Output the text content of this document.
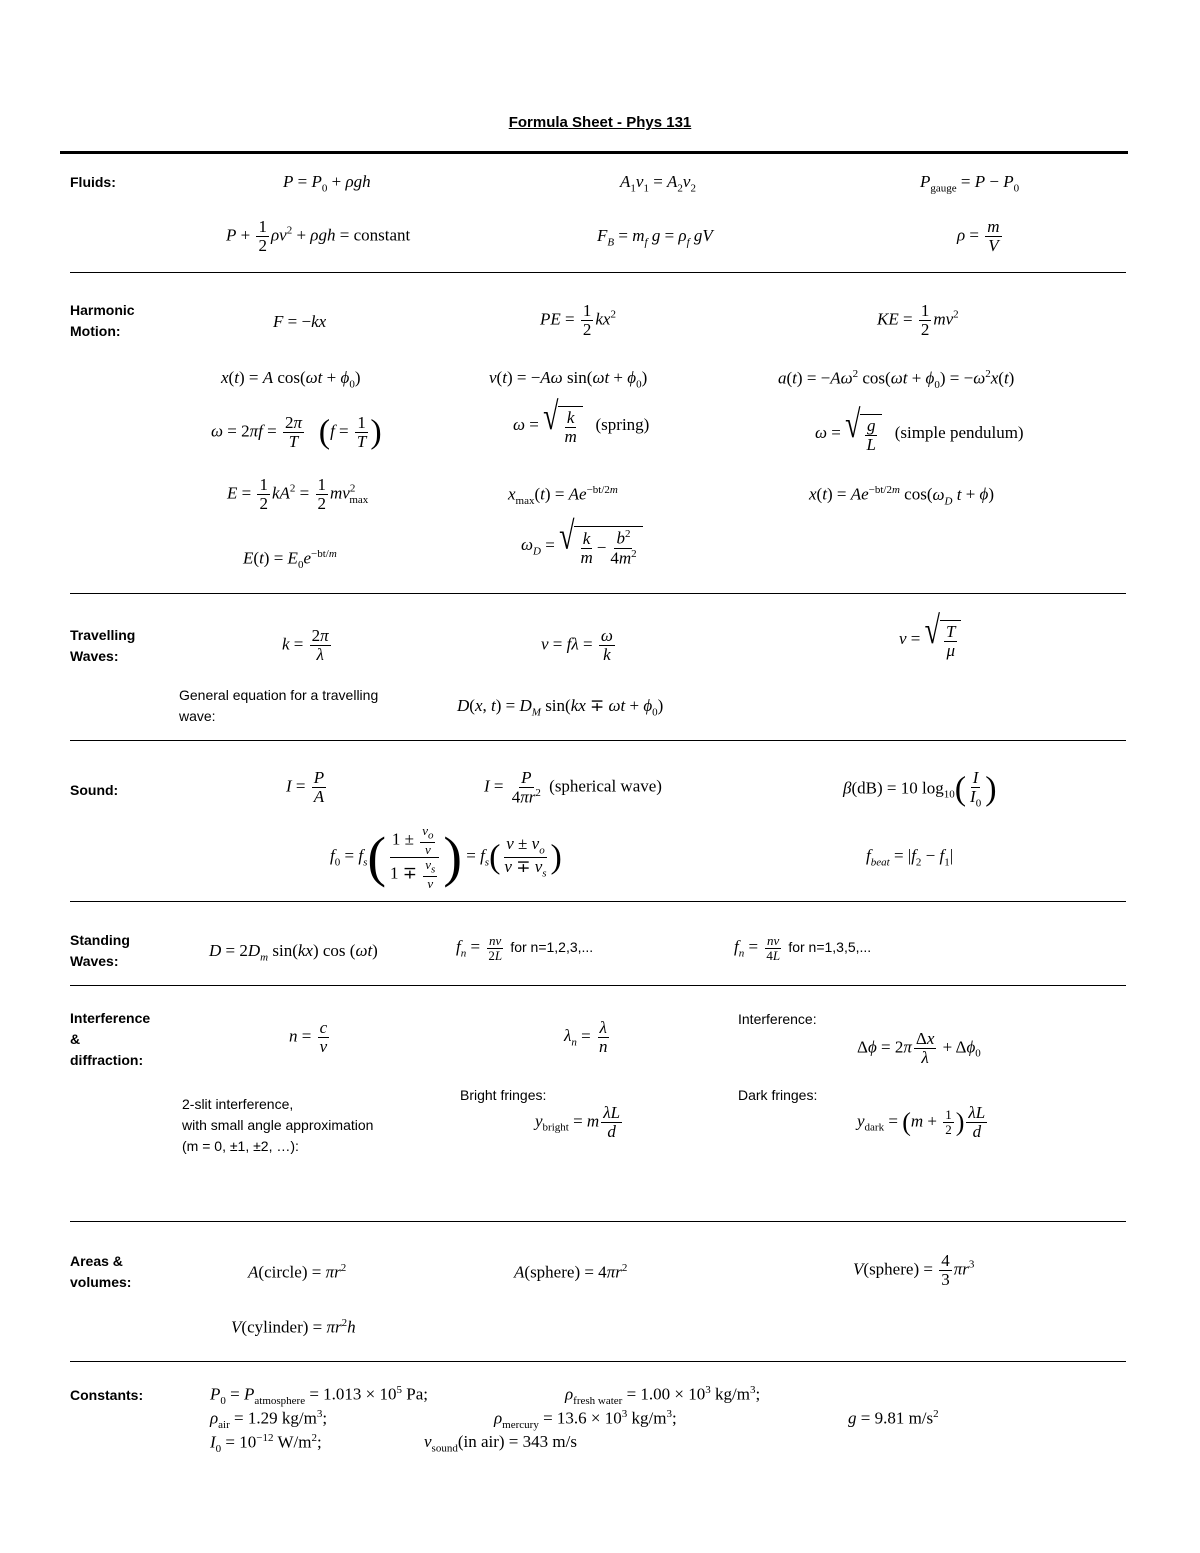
Formula Sheet - Phys 131
Fluids:	$P = P_0 + \rho gh$	$A_1v_1 = A_2v_2$	$P_{gauge} = P - P_0$
$P + \frac{1}{2} \rho v^2 + \rho gh$ = constant	$F_B = m_f$ $g = \rho_f$ gV	$\rho = \frac{m}{V}$
Harmonic
Motion:	F = −kx	PE = $\frac{1}{2} kx^2$	KE = $\frac{1}{2} mv^2$
x(t) = A $\cos(\omega t + \phi_0)$	v(t) = −Aω $\sin(\omega t + \phi_0)$	$a(t) = -A\omega^2$ $\cos(\omega t + \phi_0) = -\omega^2x(t)$
$\omega = 2\pi f = \frac{2\pi}{T} (f = \frac{1}{T}$ )	ω = √ $\frac{k}{m}$ (spring)	ω = √ $\frac{g}{L}$ (simple pendulum)
$E = \frac{1}{2} kA^2 = \frac{1}{2} mv^2_{max}$	$x_{max}(t) = Ae^{-bt/2m}$	$x(t) = Ae^{-bt/2m}$ $\cos(\omega_D$ t + ϕ)
$E(t) = E_0e^{-bt/m}$	$\omega_D$ = √ $\frac{k}{m} - \frac{b^2}{4m^2}$
Travelling
Waves:
$k = \frac{2\pi}{\lambda}$	$v = f\lambda = \frac{\omega}{k}$	v = √ $\frac{T}{\mu}$
General equation for a travelling
wave:
D(x, $t) = D_M$ $\sin(kx \mp \omega t + \phi_0)$
Sound:	$I = \frac{P}{A}$	$I = \frac{P}{4\pi r^2}$ (spherical wave)	β(dB) = 10 $\log_{10}( \frac{I}{I_0}$ )
$f_0 = f_s( \frac{1 \pm \frac{v_o}{v}}{1 \mp \frac{v_s}{v}}$ ) = $f_s( \frac{v \pm v_o}{v \mp v_s}$ )	$f_{beat} = |f_2 - f_1|$
Standing
Waves:
$D = 2D_m$ sin(kx) cos (ωt)	$f_n = \frac{nv}{2L}$ for n=1,2,3,...	$f_n = \frac{nv}{4L}$ for n=1,3,5,...
Interference
&
diffraction:
$n = \frac{c}{v}$	$\lambda_n = \frac{\lambda}{n}$	Interference:
$\Delta\phi = 2\pi \frac{\Delta x}{\lambda} + \Delta\phi_0$
2-slit interference,
with small angle approximation
(m = 0, ±1, ±2, …):
Bright fringes:
$y_{bright} = m \frac{\lambda L}{d}$
Dark fringes:
$y_{dark} = (m + \frac{1}{2}$ ) $\frac{\lambda L}{d}$
Areas &
volumes:
A(circle) = $\pi r^2$	A(sphere) = $4\pi r^2$	V(sphere) = $\frac{4}{3} \pi r^3$
V(cylinder) = $\pi r^2h$
Constants:	$P_0 = P_{atmosphere} = 1.013 \times 10^5$ Pa;	$\rho_{fresh water} = 1.00 \times 10^3$ $kg/m^3$;
$\rho_{air} = 1.29$ $kg/m^3$;	$\rho_{mercury} = 13.6 \times 10^3$ $kg/m^3$;	g = 9.81 $m/s^2$
$I_0 = 10^{-12}$ $W/m^2$;	$v_{sound}(in$ air) = 343 m/s
